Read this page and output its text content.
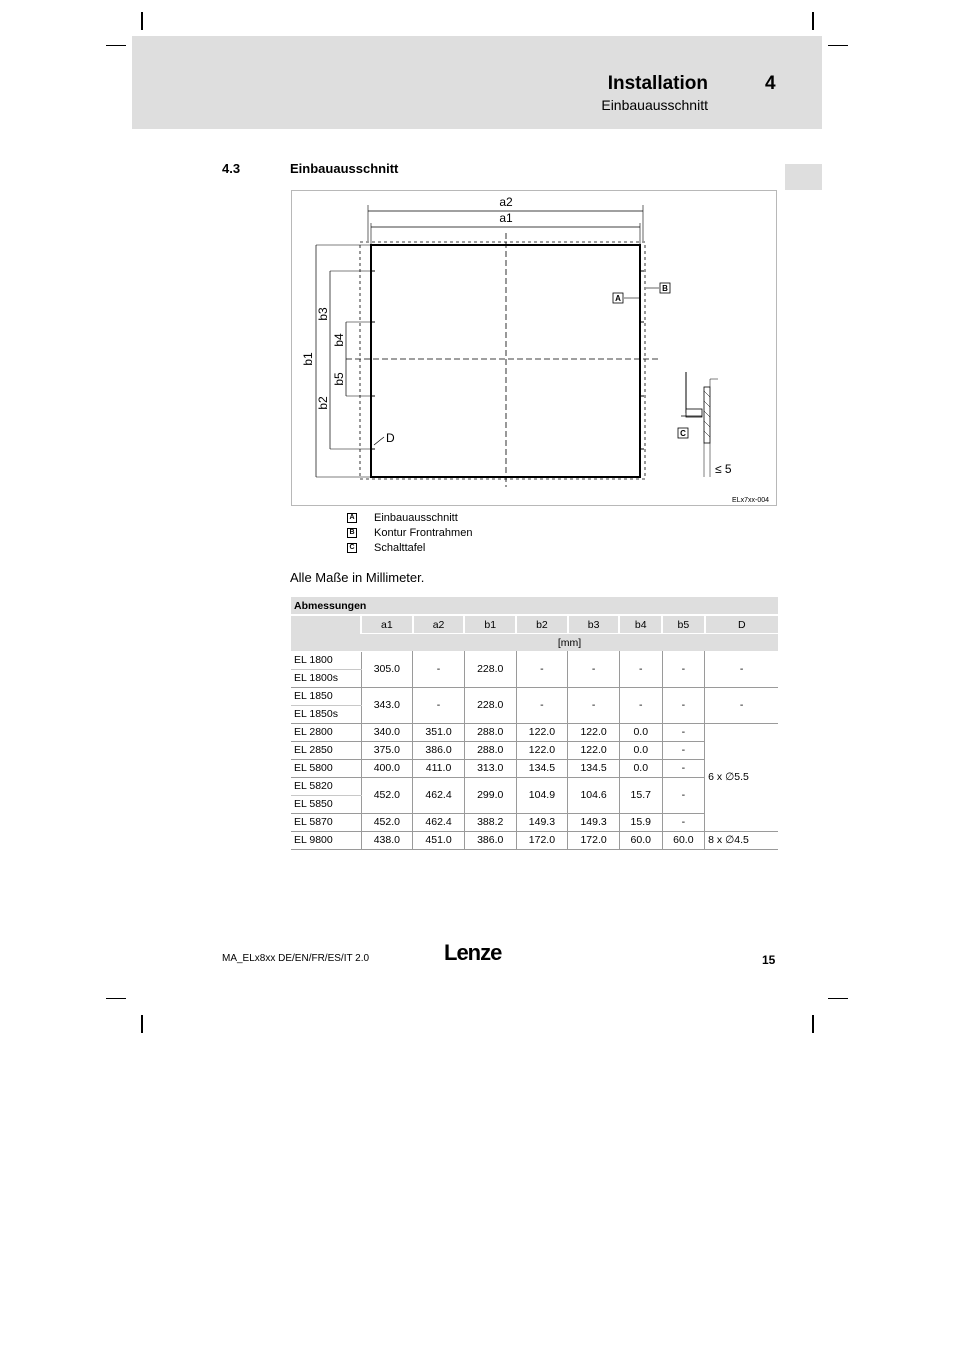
Installation	4
Einbauausschnitt
4.3	Einbauausschnitt
a2
a1
b1
b3
b2
b4
b5
D
A
B
C
≤ 5
ELx7xx-004
A Einbauausschnitt
B Kontur Frontrahmen
C Schalttafel
Alle Maße in Millimeter.
Abmessungen								
	a1	a2	b1	b2	b3	b4	b5	D
	[mm]							
EL 1800	305.0	-	228.0	-	-	-	-	-
EL 1800s								
EL 1850	343.0	-	228.0	-	-	-	-	-
EL 1850s								
EL 2800	340.0	351.0	288.0	122.0	122.0	0.0	-	6 x ∅5.5
EL 2850	375.0	386.0	288.0	122.0	122.0	0.0	-	
EL 5800	400.0	411.0	313.0	134.5	134.5	0.0	-	
EL 5820	452.0	462.4	299.0	104.9	104.6	15.7	-	
EL 5850								
EL 5870	452.0	462.4	388.2	149.3	149.3	15.9	-	
EL 9800	438.0	451.0	386.0	172.0	172.0	60.0	60.0	8 x ∅4.5
MA_ELx8xx DE/EN/FR/ES/IT 2.0	Lenze	15
